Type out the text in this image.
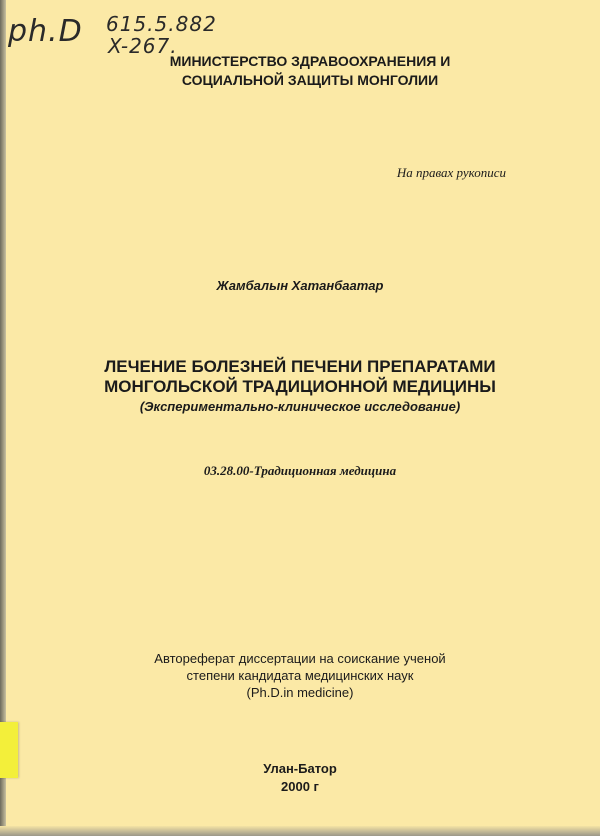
ph.D 615.5.882
X-267.
МИНИСТЕРСТВО ЗДРАВООХРАНЕНИЯ И
СОЦИАЛЬНОЙ ЗАЩИТЫ МОНГОЛИИ
На правах рукописи
Жамбалын Хатанбаатар
ЛЕЧЕНИЕ БОЛЕЗНЕЙ ПЕЧЕНИ ПРЕПАРАТАМИ
МОНГОЛЬСКОЙ ТРАДИЦИОННОЙ МЕДИЦИНЫ
(Экспериментально-клиническое исследование)
03.28.00-Традиционная медицина
Автореферат диссертации на соискание ученой
степени кандидата медицинских наук
(Ph.D.in medicine)
Улан-Батор
2000 г
